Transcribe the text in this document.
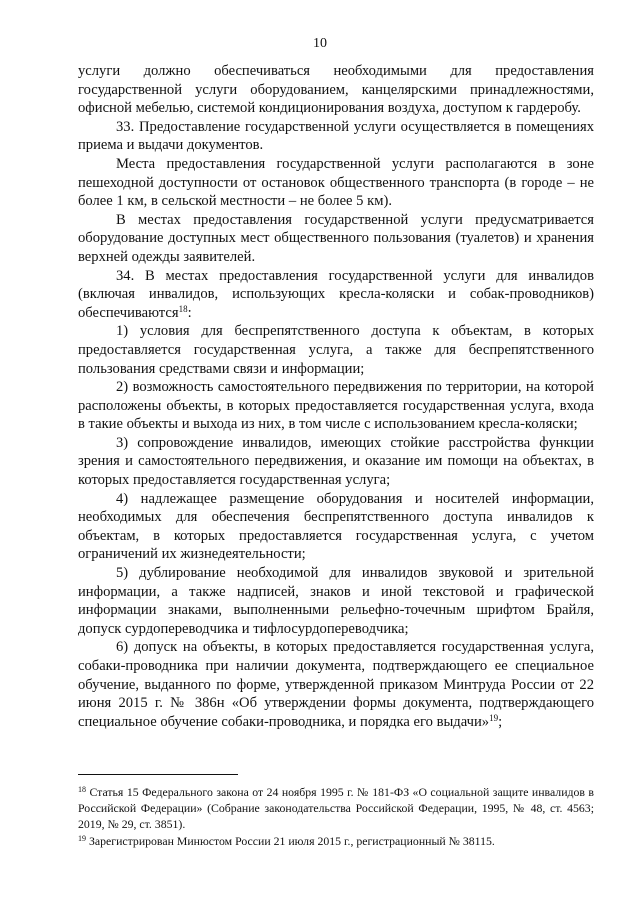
10

услуги должно обеспечиваться необходимыми для предоставления государственной услуги оборудованием, канцелярскими принадлежностями, офисной мебелью, системой кондиционирования воздуха, доступом к гардеробу.

33. Предоставление государственной услуги осуществляется в помещениях приема и выдачи документов.

Места предоставления государственной услуги располагаются в зоне пешеходной доступности от остановок общественного транспорта (в городе – не более 1 км, в сельской местности – не более 5 км).

В местах предоставления государственной услуги предусматривается оборудование доступных мест общественного пользования (туалетов) и хранения верхней одежды заявителей.

34. В местах предоставления государственной услуги для инвалидов (включая инвалидов, использующих кресла-коляски и собак-проводников) обеспечиваются$^{18}$:

1) условия для беспрепятственного доступа к объектам, в которых предоставляется государственная услуга, а также для беспрепятственного пользования средствами связи и информации;

2) возможность самостоятельного передвижения по территории, на которой расположены объекты, в которых предоставляется государственная услуга, входа в такие объекты и выхода из них, в том числе с использованием кресла-коляски;

3) сопровождение инвалидов, имеющих стойкие расстройства функции зрения и самостоятельного передвижения, и оказание им помощи на объектах, в которых предоставляется государственная услуга;

4) надлежащее размещение оборудования и носителей информации, необходимых для обеспечения беспрепятственного доступа инвалидов к объектам, в которых предоставляется государственная услуга, с учетом ограничений их жизнедеятельности;

5) дублирование необходимой для инвалидов звуковой и зрительной информации, а также надписей, знаков и иной текстовой и графической информации знаками, выполненными рельефно-точечным шрифтом Брайля, допуск сурдопереводчика и тифлосурдопереводчика;

6) допуск на объекты, в которых предоставляется государственная услуга, собаки-проводника при наличии документа, подтверждающего ее специальное обучение, выданного по форме, утвержденной приказом Минтруда России от 22 июня 2015 г. № 386н «Об утверждении формы документа, подтверждающего специальное обучение собаки-проводника, и порядка его выдачи»$^{19}$;

$^{18}$ Статья 15 Федерального закона от 24 ноября 1995 г. № 181-ФЗ «О социальной защите инвалидов в Российской Федерации» (Собрание законодательства Российской Федерации, 1995, № 48, ст. 4563; 2019, № 29, ст. 3851).

$^{19}$ Зарегистрирован Минюстом России 21 июля 2015 г., регистрационный № 38115.
